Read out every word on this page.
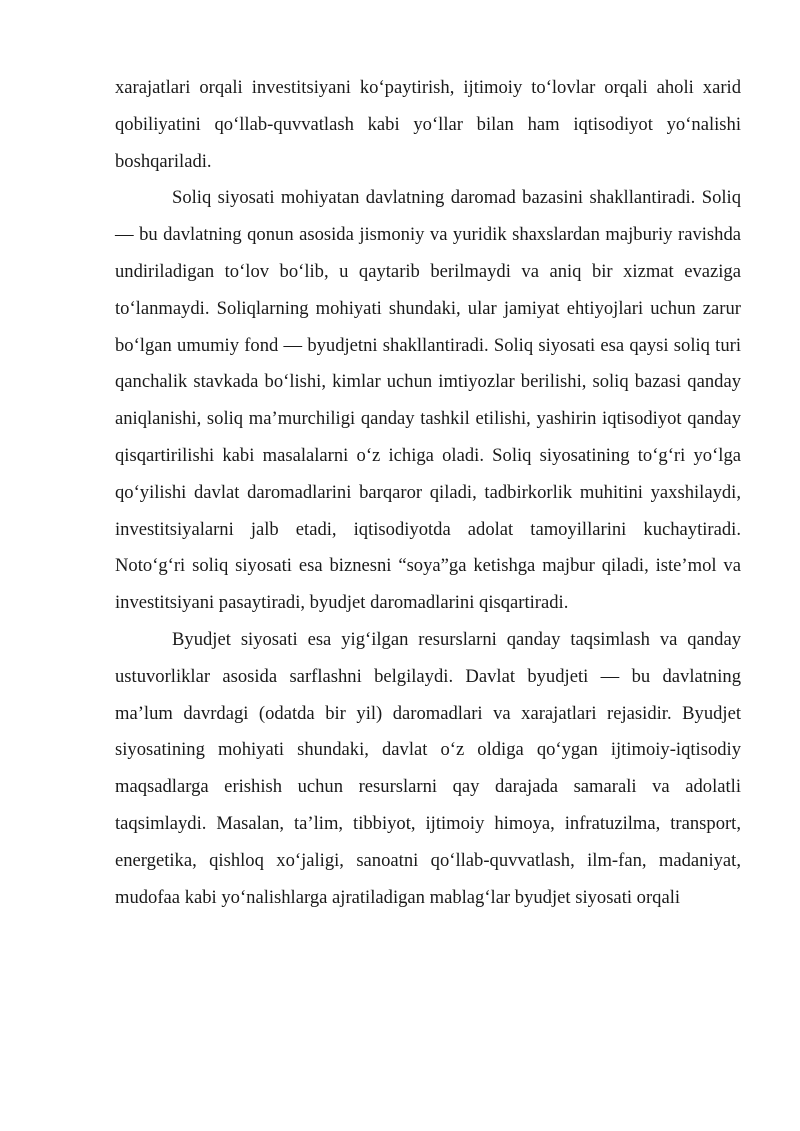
xarajatlari orqali investitsiyani koʻpaytirish, ijtimoiy toʻlovlar orqali aholi xarid qobiliyatini qoʻllab-quvvatlash kabi yoʻllar bilan ham iqtisodiyot yoʻnalishi boshqariladi.

Soliq siyosati mohiyatan davlatning daromad bazasini shakllantiradi. Soliq — bu davlatning qonun asosida jismoniy va yuridik shaxslardan majburiy ravishda undiriladigan toʻlov boʻlib, u qaytarib berilmaydi va aniq bir xizmat evaziga toʻlanmaydi. Soliqlarning mohiyati shundaki, ular jamiyat ehtiyojlari uchun zarur boʻlgan umumiy fond — byudjetni shakllantiradi. Soliq siyosati esa qaysi soliq turi qanchalik stavkada boʻlishi, kimlar uchun imtiyozlar berilishi, soliq bazasi qanday aniqlanishi, soliq maʼmurchiligi qanday tashkil etilishi, yashirin iqtisodiyot qanday qisqartirilishi kabi masalalarni oʻz ichiga oladi. Soliq siyosatining toʻgʻri yoʻlga qoʻyilishi davlat daromadlarini barqaror qiladi, tadbirkorlik muhitini yaxshilaydi, investitsiyalarni jalb etadi, iqtisodiyotda adolat tamoyillarini kuchaytiradi. Notoʻgʻri soliq siyosati esa biznesni “soya”ga ketishga majbur qiladi, isteʼmol va investitsiyani pasaytiradi, byudjet daromadlarini qisqartiradi.

Byudjet siyosati esa yigʻilgan resurslarni qanday taqsimlash va qanday ustuvorliklar asosida sarflashni belgilaydi. Davlat byudjeti — bu davlatning maʼlum davrdagi (odatda bir yil) daromadlari va xarajatlari rejasidir. Byudjet siyosatining mohiyati shundaki, davlat oʻz oldiga qoʻygan ijtimoiy-iqtisodiy maqsadlarga erishish uchun resurslarni qay darajada samarali va adolatli taqsimlaydi. Masalan, taʼlim, tibbiyot, ijtimoiy himoya, infratuzilma, transport, energetika, qishloq xoʻjaligi, sanoatni qoʻllab-quvvatlash, ilm-fan, madaniyat, mudofaa kabi yoʻnalishlarga ajratiladigan mablagʻlar byudjet siyosati orqali
